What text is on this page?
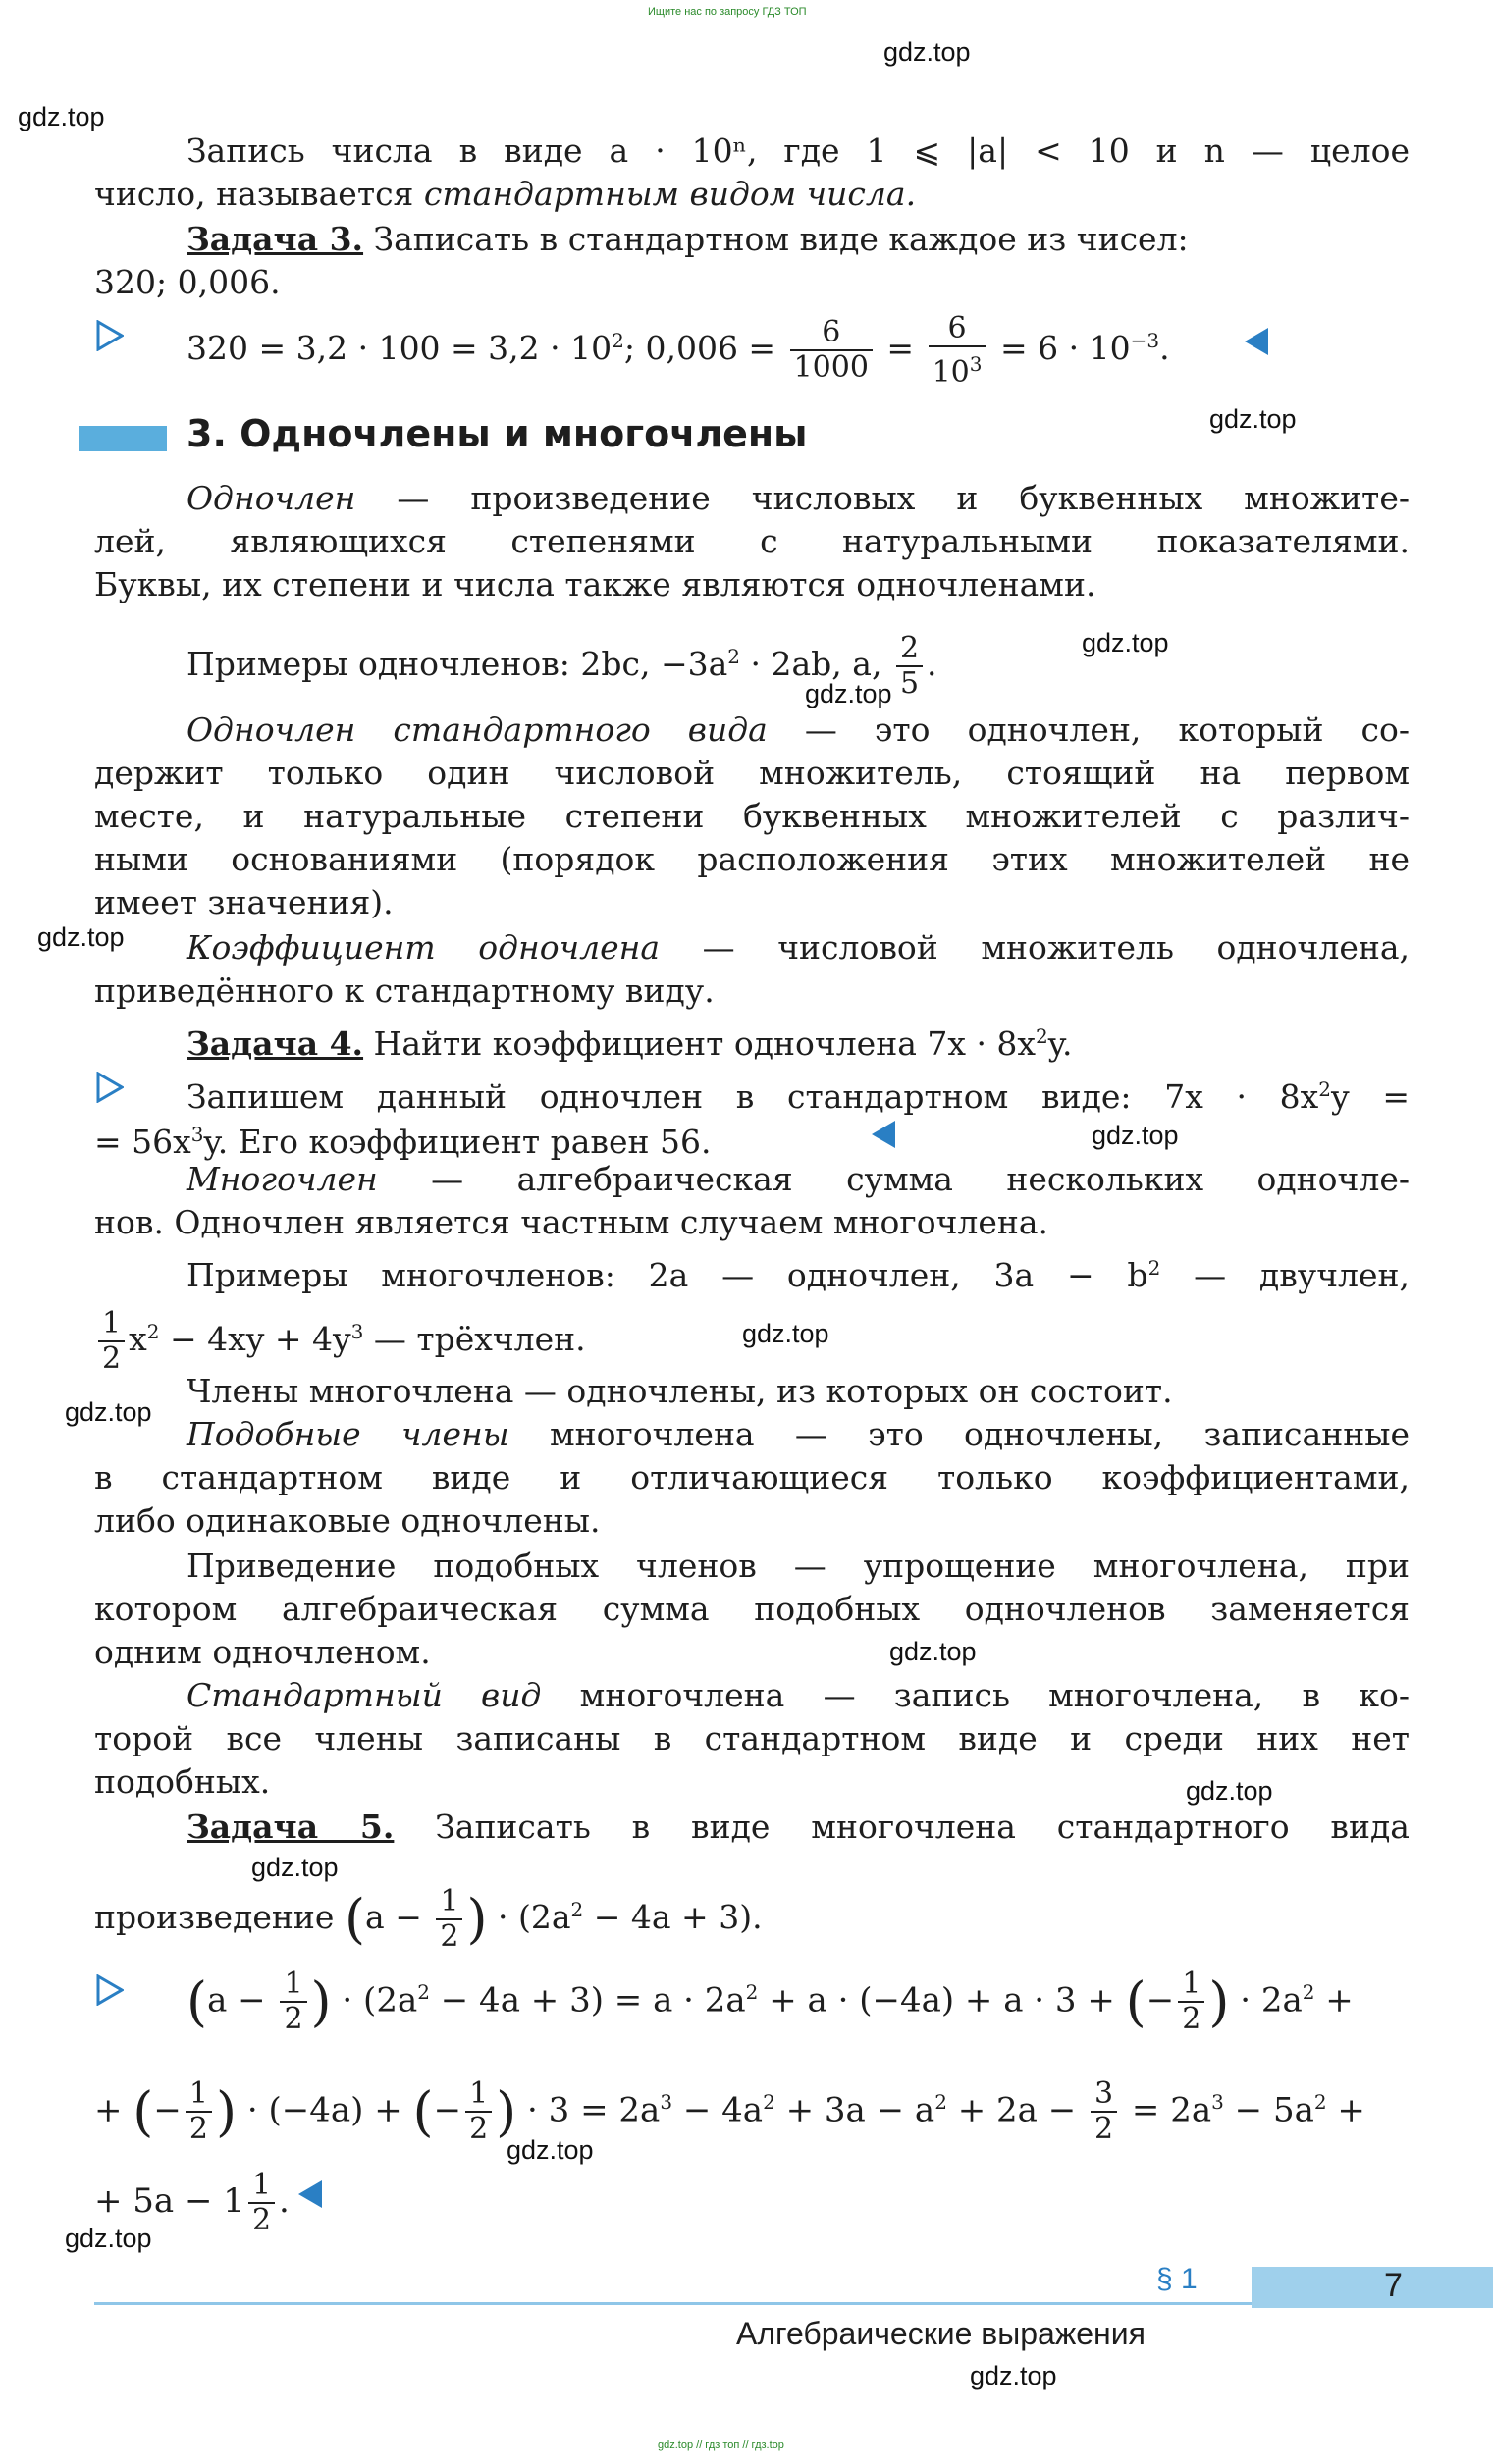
Ищите нас по запросу ГДЗ ТОП
gdz.top
gdz.top
Запись числа в виде a · 10ⁿ, где 1 ⩽ |a| < 10 и n — целое
число, называется стандартным видом числа.
Задача 3. Записать в стандартном виде каждое из чисел:
320; 0,006.
$320 = 3,2 \cdot 100 = 3,2 \cdot 10^2$; $0,006 = \frac{6}{1000} = \frac{6}{10^3} = 6 \cdot 10^{-3}$.
3. Одночлены и многочлены	gdz.top
Одночлен — произведение числовых и буквенных множите-
лей, являющихся степенями с натуральными показателями.
Буквы, их степени и числа также являются одночленами.
Примеры одночленов: 2bc, $-3a^2 \cdot 2ab$, a, $\frac{2}{5}$ .
gdz.top
gdz.top
Одночлен стандартного вида — это одночлен, который со-
держит только один числовой множитель, стоящий на первом
месте, и натуральные степени буквенных множителей с различ-
ными основаниями (порядок расположения этих множителей не
имеет значения).
gdz.top Коэффициент одночлена — числовой множитель одночлена,
приведённого к стандартному виду.
Задача 4. Найти коэффициент одночлена $7x \cdot 8x^2y$.
Запишем данный одночлен в стандартном виде: $7x \cdot 8x^2y$ =
= $56x^3y$. Его коэффициент равен 56.	gdz.top
Многочлен — алгебраическая сумма нескольких одночле-
нов. Одночлен является частным случаем многочлена.
Примеры многочленов: 2a — одночлен, $3a - b^2$ — двучлен,
$\frac{1}{2} x^2 - 4xy + 4y^3$ — трёхчлен.	gdz.top
gdz.top
Члены многочлена — одночлены, из которых он состоит.
Подобные члены многочлена — это одночлены, записанные
в стандартном виде и отличающиеся только коэффициентами,
либо одинаковые одночлены.
Приведение подобных членов — упрощение многочлена, при
котором алгебраическая сумма подобных одночленов заменяется
одним одночленом.	gdz.top
Стандартный вид многочлена — запись многочлена, в ко-
торой все члены записаны в стандартном виде и среди них нет
подобных.	gdz.top
Задача 5. Записать в виде многочлена стандартного вида
gdz.top
произведение ($a - \frac{1}{2}$ ) · $(2a^2 - 4a + 3)$.
($a - \frac{1}{2}$ ) · $(2a^2 - 4a + 3) = a \cdot 2a^2 + a \cdot (-4a) + a \cdot 3$ + (− $\frac{1}{2}$ ) · $2a^2$ +
+ (− $\frac{1}{2}$ ) · (−4a) + (− $\frac{1}{2}$ ) · $3 = 2a^3 - 4a^2 + 3a - a^2 + 2a - \frac{3}{2} = 2a^3 - 5a^2$ +
gdz.top
+ $5a - 1 \frac{1}{2}$ .
gdz.top
§ 1	7
Алгебраические выражения
gdz.top
gdz.top // гдз топ // гдз.top
